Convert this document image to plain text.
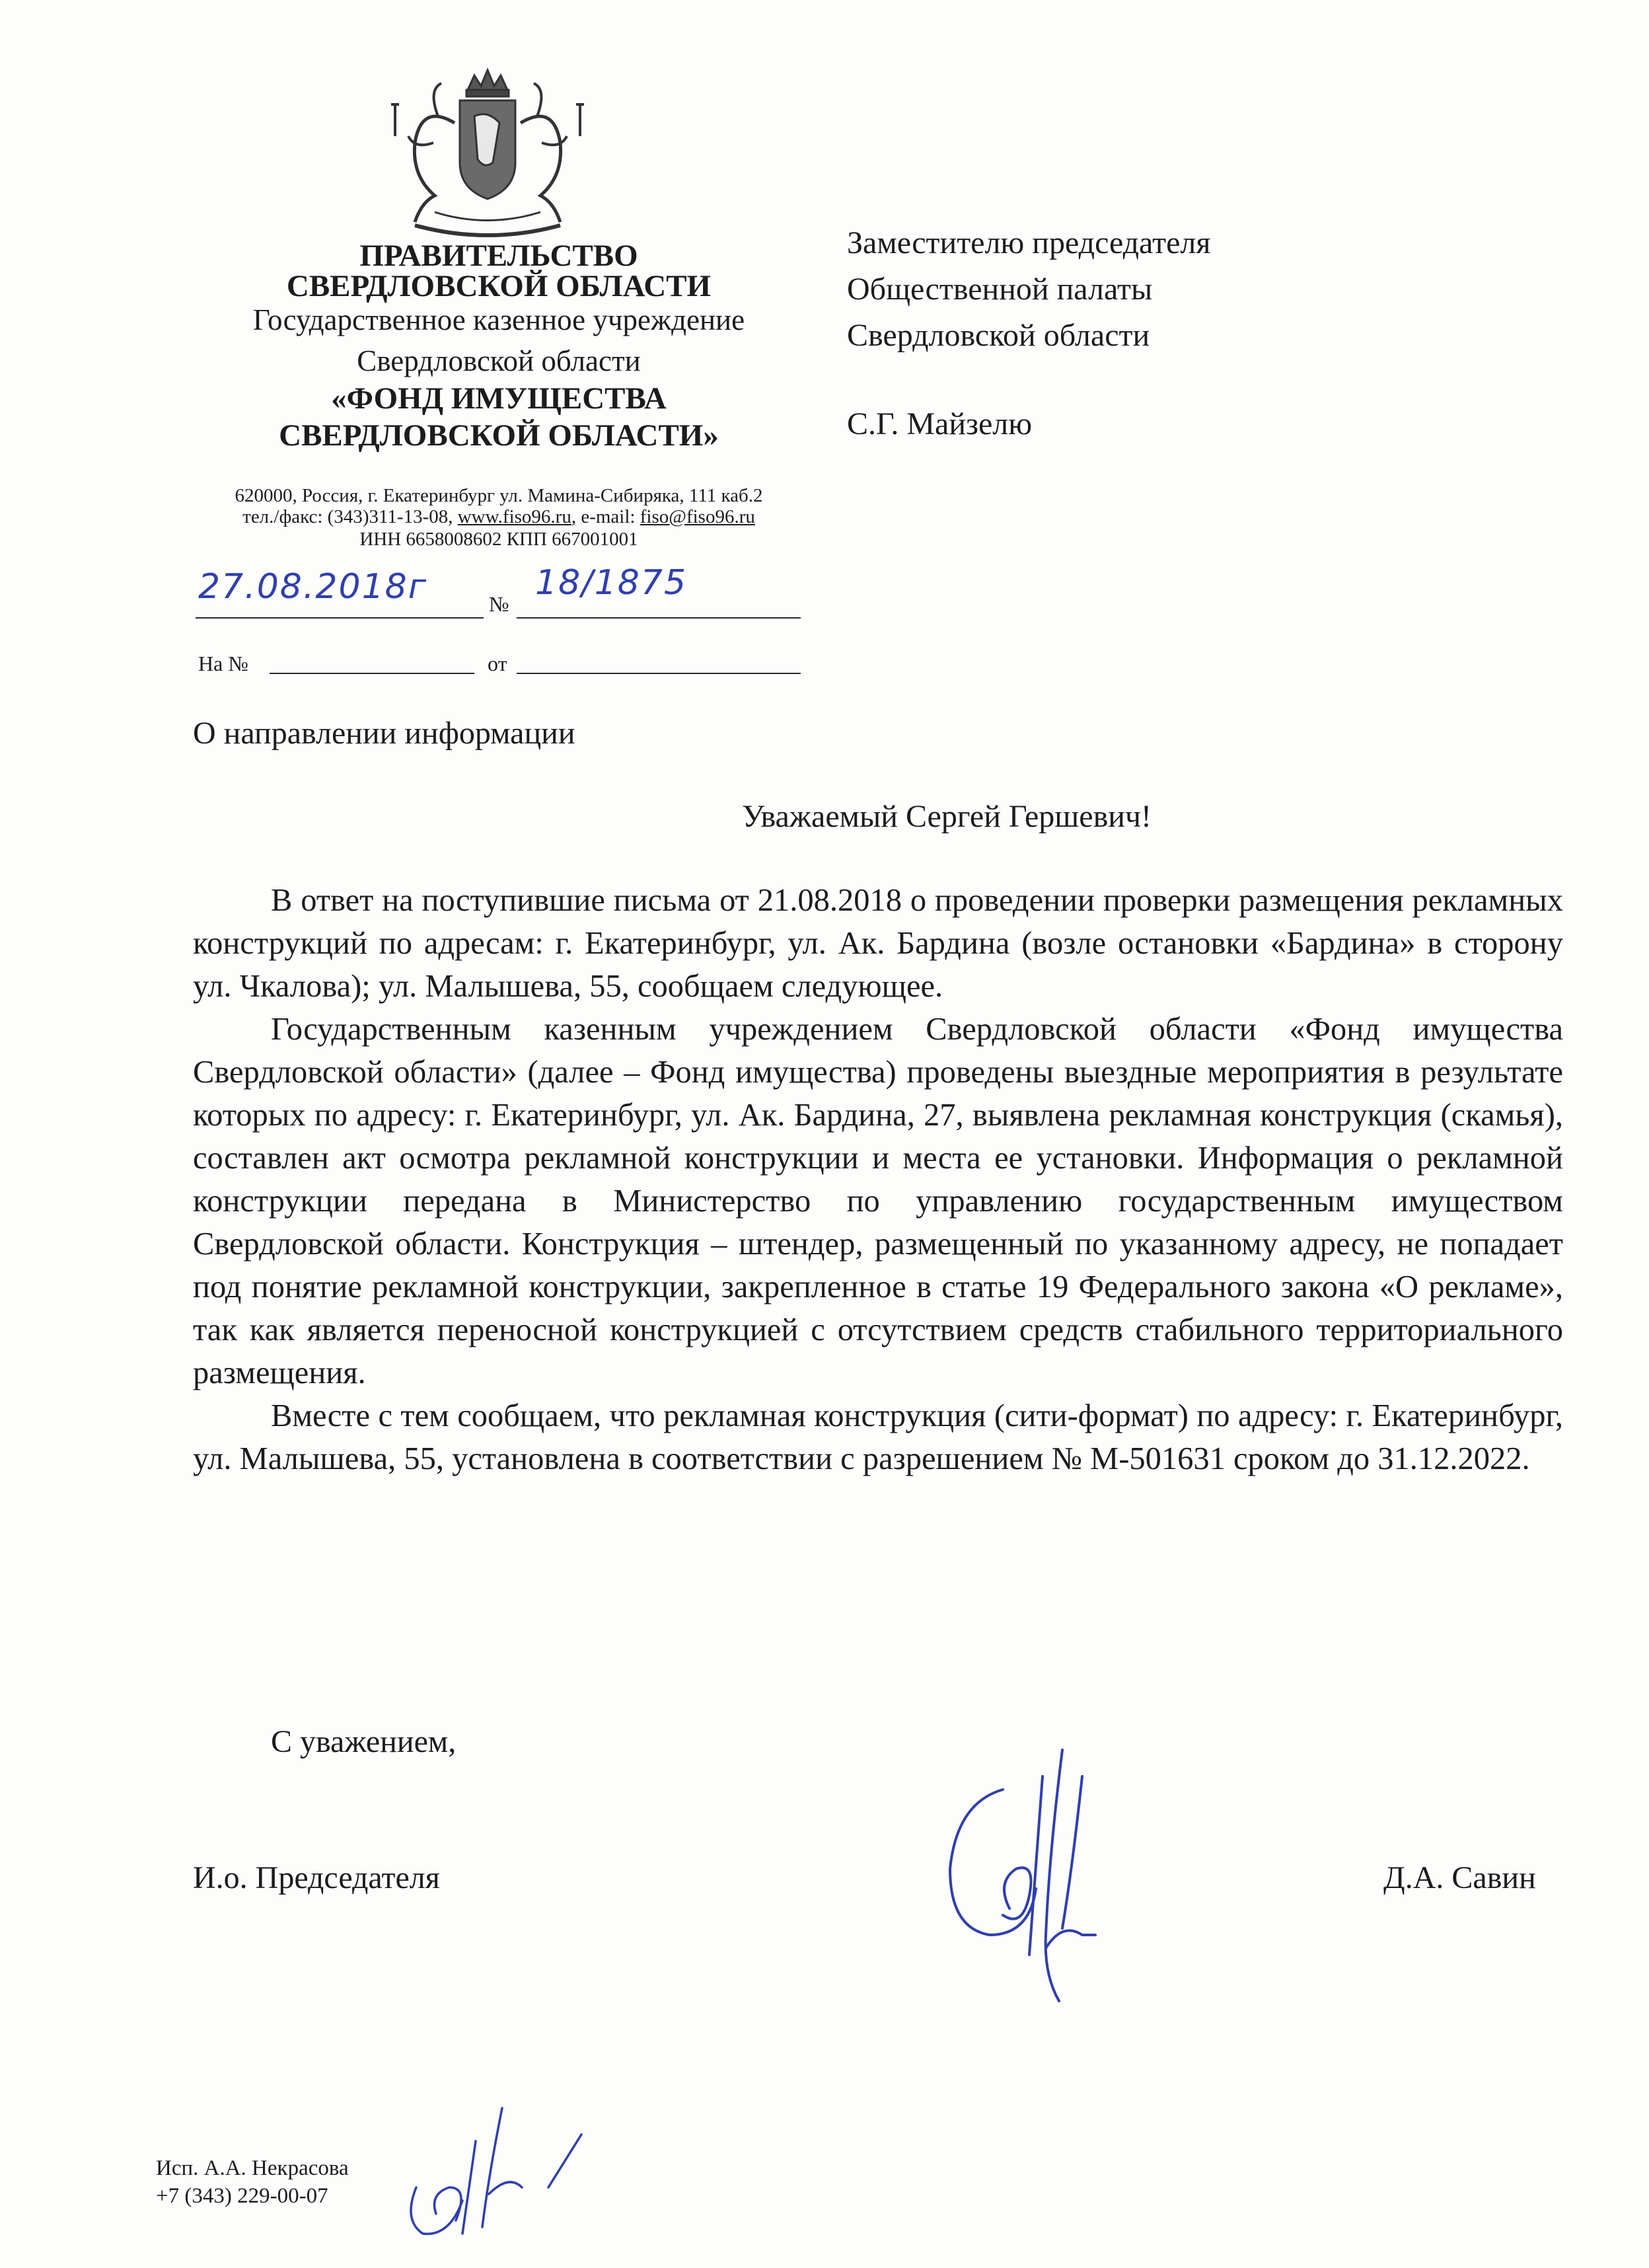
ПРАВИТЕЛЬСТВО
СВЕРДЛОВСКОЙ ОБЛАСТИ
Государственное казенное учреждение
Свердловской области
«ФОНД ИМУЩЕСТВА
СВЕРДЛОВСКОЙ ОБЛАСТИ»
620000, Россия, г. Екатеринбург ул. Мамина-Сибиряка, 111 каб.2
тел./факс: (343)311-13-08, www.fiso96.ru, e-mail: fiso@fiso96.ru
ИНН 6658008602 КПП 667001001
27.08.2018г	№
18/1875
На №	от
Заместителю председателя
Общественной палаты
Свердловской области
С.Г. Майзелю
О направлении информации
Уважаемый Сергей Гершевич!

В ответ на поступившие письма от 21.08.2018 о проведении проверки размещения рекламных конструкций по адресам: г. Екатеринбург, ул. Ак. Бардина (возле остановки «Бардина» в сторону ул. Чкалова); ул. Малышева, 55, сообщаем следующее.

Государственным казенным учреждением Свердловской области «Фонд имущества Свердловской области» (далее – Фонд имущества) проведены выездные мероприятия в результате которых по адресу: г. Екатеринбург, ул. Ак. Бардина, 27, выявлена рекламная конструкция (скамья), составлен акт осмотра рекламной конструкции и места ее установки. Информация о рекламной конструкции передана в Министерство по управлению государственным имуществом Свердловской области. Конструкция – штендер, размещенный по указанному адресу, не попадает под понятие рекламной конструкции, закрепленное в статье 19 Федерального закона «О рекламе», так как является переносной конструкцией с отсутствием средств стабильного территориального размещения.

Вместе с тем сообщаем, что рекламная конструкция (сити-формат) по адресу: г. Екатеринбург, ул. Малышева, 55, установлена в соответствии с разрешением № М-501631 сроком до 31.12.2022.

С уважением,
И.о. Председателя	Д.А. Савин
Исп. А.А. Некрасова
+7 (343) 229-00-07
